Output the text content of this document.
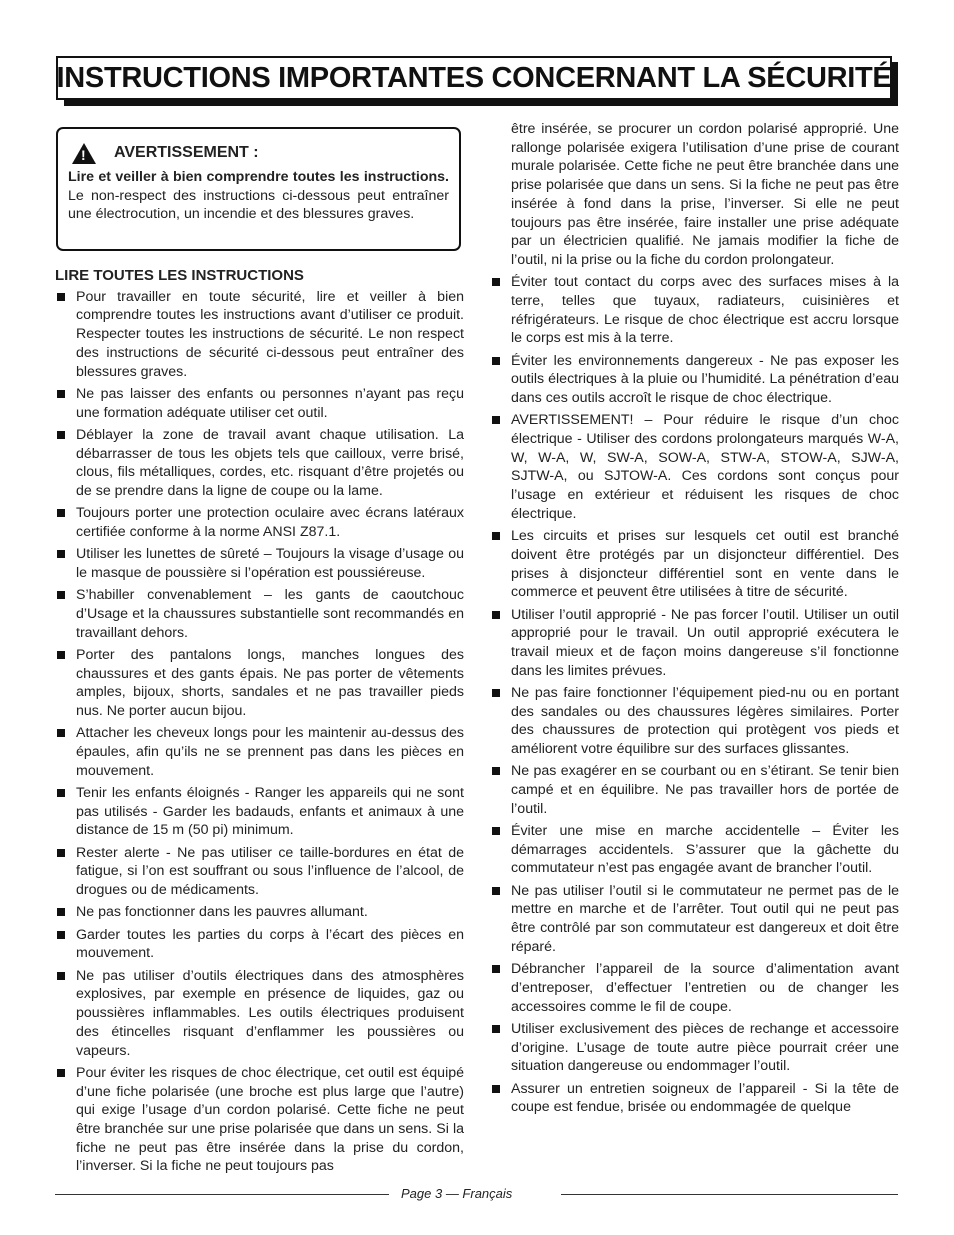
INSTRUCTIONS IMPORTANTES CONCERNANT LA SÉCURITÉ
! AVERTISSEMENT :
Lire et veiller à bien comprendre toutes les instructions. Le non-respect des instructions ci-dessous peut entraîner une électrocution, un incendie et des blessures graves.
LIRE TOUTES LES INSTRUCTIONS
Pour travailler en toute sécurité, lire et veiller à bien comprendre toutes les instructions avant d’utiliser ce produit. Respecter toutes les instructions de sécurité. Le non respect des instructions de sécurité ci-dessous peut entraîner des blessures graves.
Ne pas laisser des enfants ou personnes n’ayant pas reçu une formation adéquate utiliser cet outil.
Déblayer la zone de travail avant chaque utilisation. La débarrasser de tous les objets tels que cailloux, verre brisé, clous, fils métalliques, cordes, etc. risquant d’être projetés ou de se prendre dans la ligne de coupe ou la lame.
Toujours porter une protection oculaire avec écrans latéraux certifiée conforme à la norme ANSI Z87.1.
Utiliser les lunettes de sûreté – Toujours la visage d’usage ou le masque de poussière si l’opération est poussiéreuse.
S’habiller convenablement – les gants de caoutchouc d’Usage et la chaussures substantielle sont recommandés en travaillant dehors.
Porter des pantalons longs, manches longues des chaussures et des gants épais. Ne pas porter de vêtements amples, bijoux, shorts, sandales et ne pas travailler pieds nus. Ne porter aucun bijou.
Attacher les cheveux longs pour les maintenir au-dessus des épaules, afin qu’ils ne se prennent pas dans les pièces en mouvement.
Tenir les enfants éloignés - Ranger les appareils qui ne sont pas utilisés - Garder les badauds, enfants et animaux à une distance de 15 m (50 pi) minimum.
Rester alerte - Ne pas utiliser ce taille-bordures en état de fatigue, si l’on est souffrant ou sous l’influence de l’alcool, de drogues ou de médicaments.
Ne pas fonctionner dans les pauvres allumant.
Garder toutes les parties du corps à l’écart des pièces en mouvement.
Ne pas utiliser d’outils électriques dans des atmosphères explosives, par exemple en présence de liquides, gaz ou poussières inflammables. Les outils électriques produisent des étincelles risquant d’enflammer les poussières ou vapeurs.
Pour éviter les risques de choc électrique, cet outil est équipé d’une fiche polarisée (une broche est plus large que l’autre) qui exige l’usage d’un cordon polarisé. Cette fiche ne peut être branchée sur une prise polarisée que dans un sens. Si la fiche ne peut pas être insérée dans la prise du cordon, l’inverser. Si la fiche ne peut toujours pas
être insérée, se procurer un cordon polarisé approprié. Une rallonge polarisée exigera l’utilisation d’une prise de courant murale polarisée. Cette fiche ne peut être branchée dans une prise polarisée que dans un sens. Si la fiche ne peut pas être insérée à fond dans la prise, l’inverser. Si elle ne peut toujours pas être insérée, faire installer une prise adéquate par un électricien qualifié. Ne jamais modifier la fiche de l’outil, ni la prise ou la fiche du cordon prolongateur.
Éviter tout contact du corps avec des surfaces mises à la terre, telles que tuyaux, radiateurs, cuisinières et réfrigérateurs. Le risque de choc électrique est accru lorsque le corps est mis à la terre.
Éviter les environnements dangereux - Ne pas exposer les outils électriques à la pluie ou l’humidité. La pénétration d’eau dans ces outils accroît le risque de choc électrique.
AVERTISSEMENT! – Pour réduire le risque d’un choc électrique - Utiliser des cordons prolongateurs marqués W-A, W, W-A, W, SW-A, SOW-A, STW-A, STOW-A, SJW-A, SJTW-A, ou SJTOW-A. Ces cordons sont conçus pour l’usage en extérieur et réduisent les risques de choc électrique.
Les circuits et prises sur lesquels cet outil est branché doivent être protégés par un disjoncteur différentiel. Des prises à disjoncteur différentiel sont en vente dans le commerce et peuvent être utilisées à titre de sécurité.
Utiliser l’outil approprié - Ne pas forcer l’outil. Utiliser un outil approprié pour le travail. Un outil approprié exécutera le travail mieux et de façon moins dangereuse s’il fonctionne dans les limites prévues.
Ne pas faire fonctionner l’équipement pied-nu ou en portant des sandales ou des chaussures légères similaires. Porter des chaussures de protection qui protègent vos pieds et améliorent votre équilibre sur des surfaces glissantes.
Ne pas exagérer en se courbant ou en s’étirant. Se tenir bien campé et en équilibre. Ne pas travailler hors de portée de l’outil.
Éviter une mise en marche accidentelle – Éviter les démarrages accidentels. S’assurer que la gâchette du commutateur n’est pas engagée avant de brancher l’outil.
Ne pas utiliser l’outil si le commutateur ne permet pas de le mettre en marche et de l’arrêter. Tout outil qui ne peut pas être contrôlé par son commutateur est dangereux et doit être réparé.
Débrancher l’appareil de la source d’alimentation avant d’entreposer, d’effectuer l’entretien ou de changer les accessoires comme le fil de coupe.
Utiliser exclusivement des pièces de rechange et accessoire d’origine. L’usage de toute autre pièce pourrait créer une situation dangereuse ou endommager l’outil.
Assurer un entretien soigneux de l’appareil - Si la tête de coupe est fendue, brisée ou endommagée de quelque
Page 3 — Français
